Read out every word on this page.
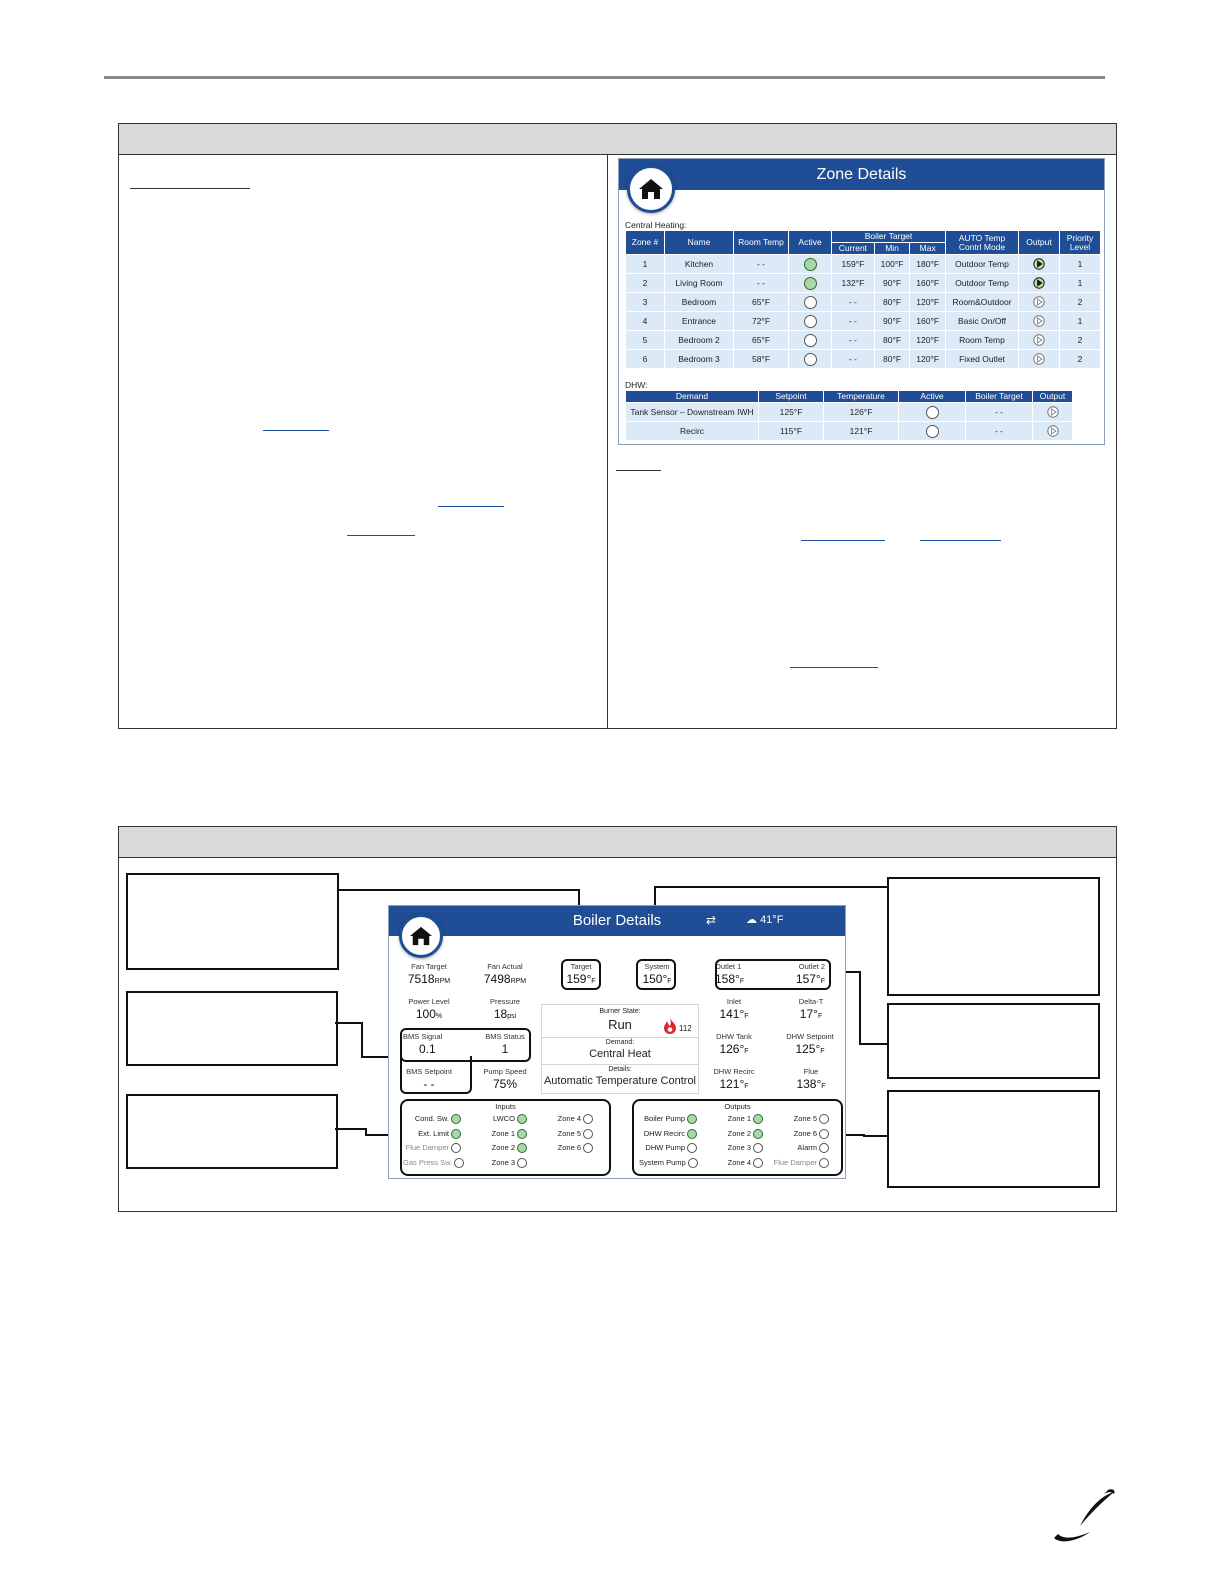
Zone Details
Central Heating:
Zone #	Name	Room Temp	Active	Boiler Target			AUTO Temp Contrl Mode	Output	Priority Level
				Current	Min	Max			
1	Kitchen	- -		159°F	100°F	180°F	Outdoor Temp		1
2	Living Room	- -		132°F	90°F	160°F	Outdoor Temp		1
3	Bedroom	65°F		- -	80°F	120°F	Room&Outdoor		2
4	Entrance	72°F		- -	90°F	160°F	Basic On/Off		1
5	Bedroom 2	65°F		- -	80°F	120°F	Room Temp		2
6	Bedroom 3	58°F		- -	80°F	120°F	Fixed Outlet		2
DHW:
Demand	Setpoint	Temperature	Active	Boiler Target	Output
Tank Sensor – Downstream IWH	125°F	126°F		- -	
Recirc	115°F	121°F		- -	
Boiler Details	⇄	☁ 41°F
Fan Target
7518RPM
Fan Actual
7498RPM
Target
159°F
System
150°F
Outlet 1
158°F
Outlet 2
157°F
Power Level
100%
Pressure
18psi
Inlet
141°F
Delta-T
17°F
BMS Signal
0.1
BMS Status
1
BMS Setpoint
- -
Pump Speed
75%
Burner State:
Run	112
Demand:
Central Heat
Details:
Automatic Temperature Control
DHW Tank
126°F
DHW Setpoint
125°F
DHW Recirc
121°F
Flue
138°F
Inputs
Cond. Sw.
Ext. Limit
Flue Damper
Gas Press Sw.
LWCO
Zone 1
Zone 2
Zone 3
Zone 4
Zone 5
Zone 6
Outputs
Boiler Pump
DHW Recirc
DHW Pump
System Pump
Zone 1
Zone 2
Zone 3
Zone 4
Zone 5
Zone 6
Alarm
Flue Damper
